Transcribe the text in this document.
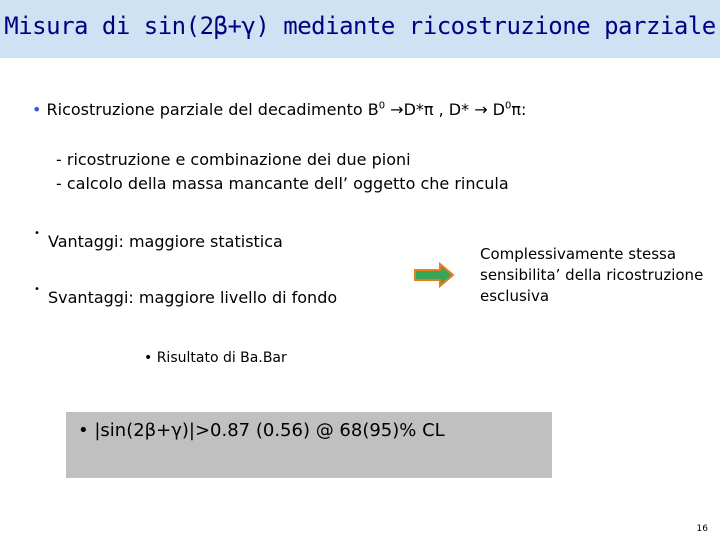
Misura di sin(2β+γ) mediante ricostruzione parziale
• Ricostruzione parziale del decadimento $B^0 \to D*\pi$ , $D* \to D^0\pi$:
- ricostruzione e combinazione dei due pioni
- calcolo della massa mancante dell’ oggetto che rincula
• Vantaggi: maggiore statistica
• Svantaggi: maggiore livello di fondo
Complessivamente stessa sensibilita’ della ricostruzione esclusiva
• Risultato di Ba.Bar
• |sin(2β+γ)|>0.87 (0.56) @ 68(95)% CL
16
